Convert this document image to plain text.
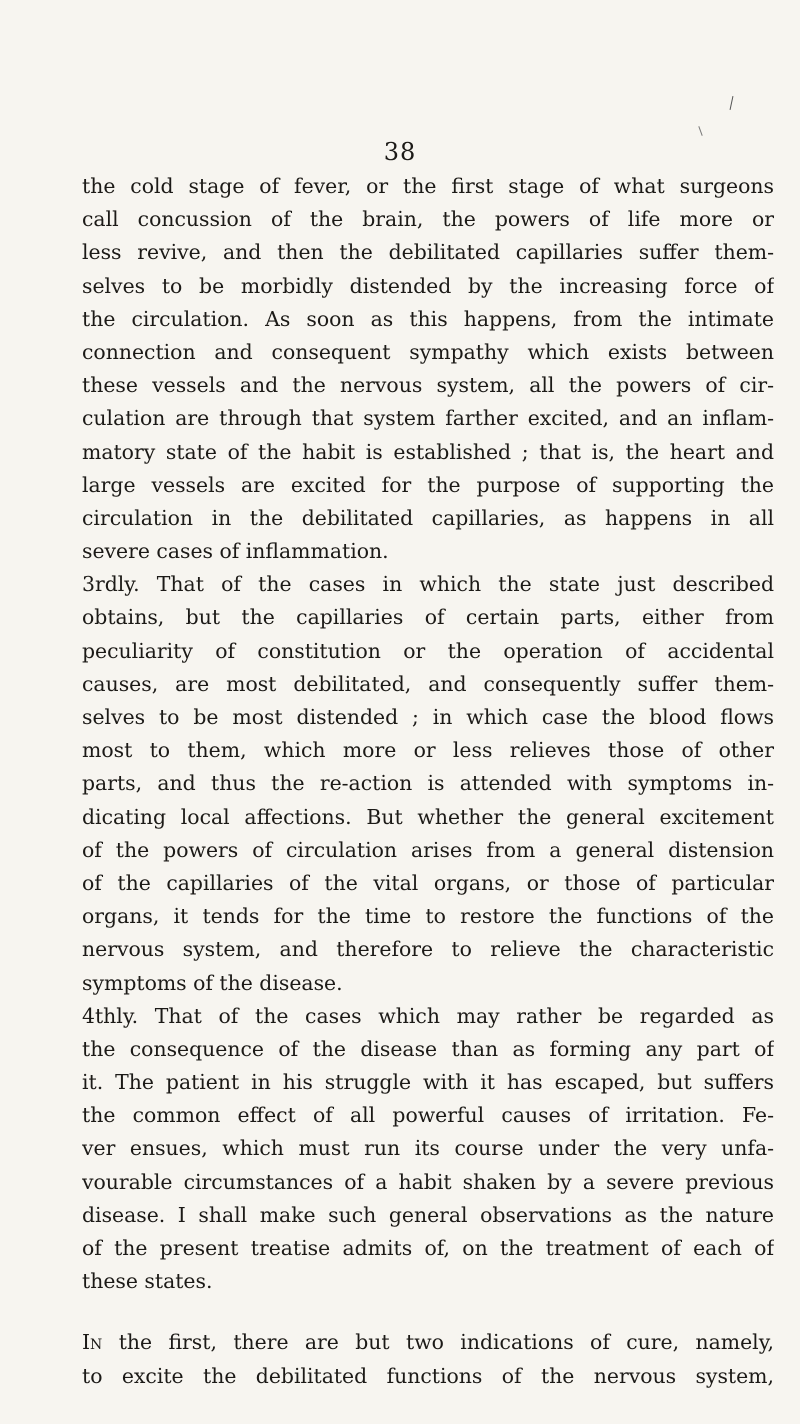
38
the cold stage of fever, or the first stage of what surgeons
call concussion of the brain, the powers of life more or
less revive, and then the debilitated capillaries suffer them-
selves to be morbidly distended by the increasing force of
the circulation. As soon as this happens, from the intimate
connection and consequent sympathy which exists between
these vessels and the nervous system, all the powers of cir-
culation are through that system farther excited, and an inflam-
matory state of the habit is established ; that is, the heart and
large vessels are excited for the purpose of supporting the
circulation in the debilitated capillaries, as happens in all
severe cases of inflammation.
3rdly. That of the cases in which the state just described
obtains, but the capillaries of certain parts, either from
peculiarity of constitution or the operation of accidental
causes, are most debilitated, and consequently suffer them-
selves to be most distended ; in which case the blood flows
most to them, which more or less relieves those of other
parts, and thus the re-action is attended with symptoms in-
dicating local affections. But whether the general excitement
of the powers of circulation arises from a general distension
of the capillaries of the vital organs, or those of particular
organs, it tends for the time to restore the functions of the
nervous system, and therefore to relieve the characteristic
symptoms of the disease.
4thly. That of the cases which may rather be regarded as
the consequence of the disease than as forming any part of
it. The patient in his struggle with it has escaped, but suffers
the common effect of all powerful causes of irritation. Fe-
ver ensues, which must run its course under the very unfa-
vourable circumstances of a habit shaken by a severe previous
disease. I shall make such general observations as the nature
of the present treatise admits of, on the treatment of each of
these states.
In the first, there are but two indications of cure, namely,
to excite the debilitated functions of the nervous system,
